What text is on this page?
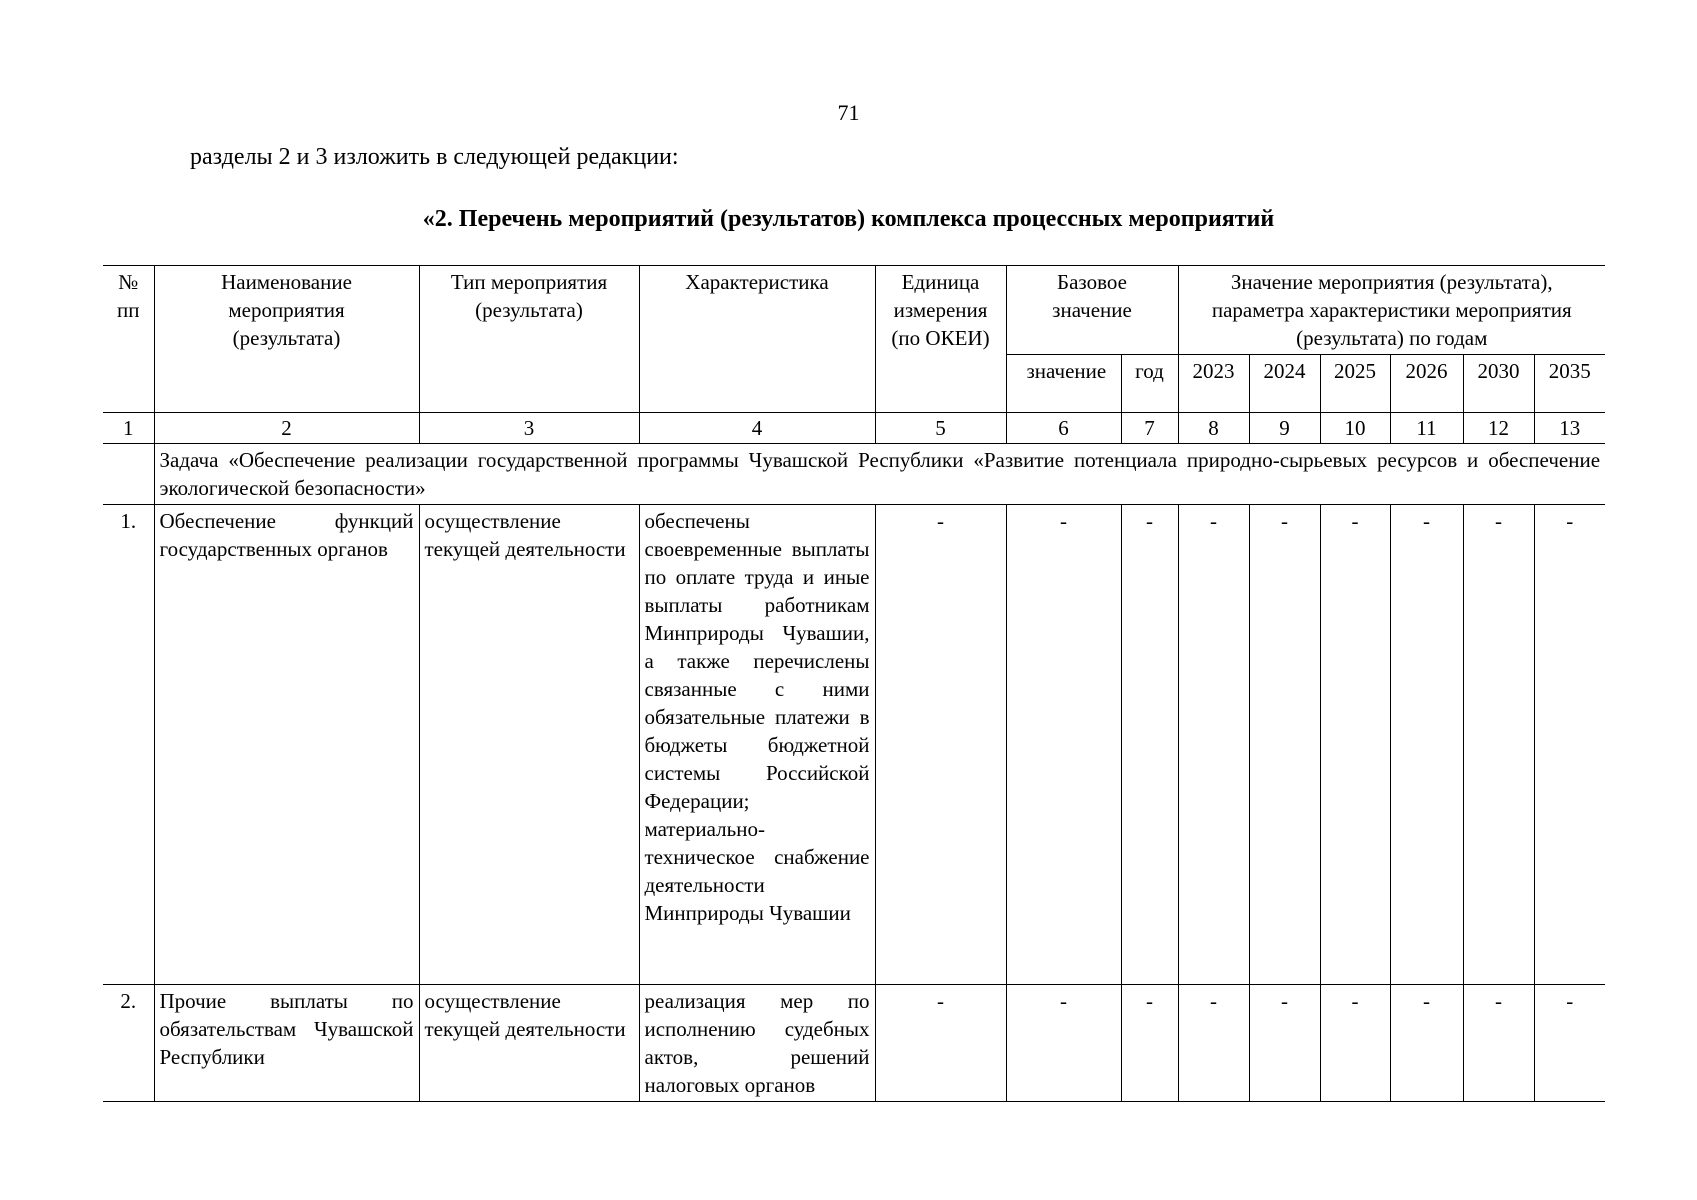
71
разделы 2 и 3 изложить в следующей редакции:
«2. Перечень мероприятий (результатов) комплекса процессных мероприятий
№ пп	Наименование мероприятия (результата)	Тип мероприятия (результата)	Характеристика	Единица измерения (по ОКЕИ)	Базовое значение		Значение мероприятия (результата), параметра характеристики мероприятия (результата) по годам					
					значение	год	2023	2024	2025	2026	2030	2035
1	2	3	4	5	6	7	8	9	10	11	12	13
	Задача «Обеспечение реализации государственной программы Чувашской Республики «Развитие потенциала природно-сырьевых ресурсов и обеспечение экологической безопасности»											
1.	Обеспечение функций государственных органов	осуществление текущей деятельности	обеспечены своевременные выплаты по оплате труда и иные выплаты работникам Минприроды Чувашии, а также перечислены связанные с ними обязательные платежи в бюджеты бюджетной системы Российской Федерации; материально-техническое снабжение деятельности Минприроды Чувашии	-	-	-	-	-	-	-	-	-
2.	Прочие выплаты по обязательствам Чувашской Республики	осуществление текущей деятельности	реализация мер по исполнению судебных актов, решений налоговых органов	-	-	-	-	-	-	-	-	-
